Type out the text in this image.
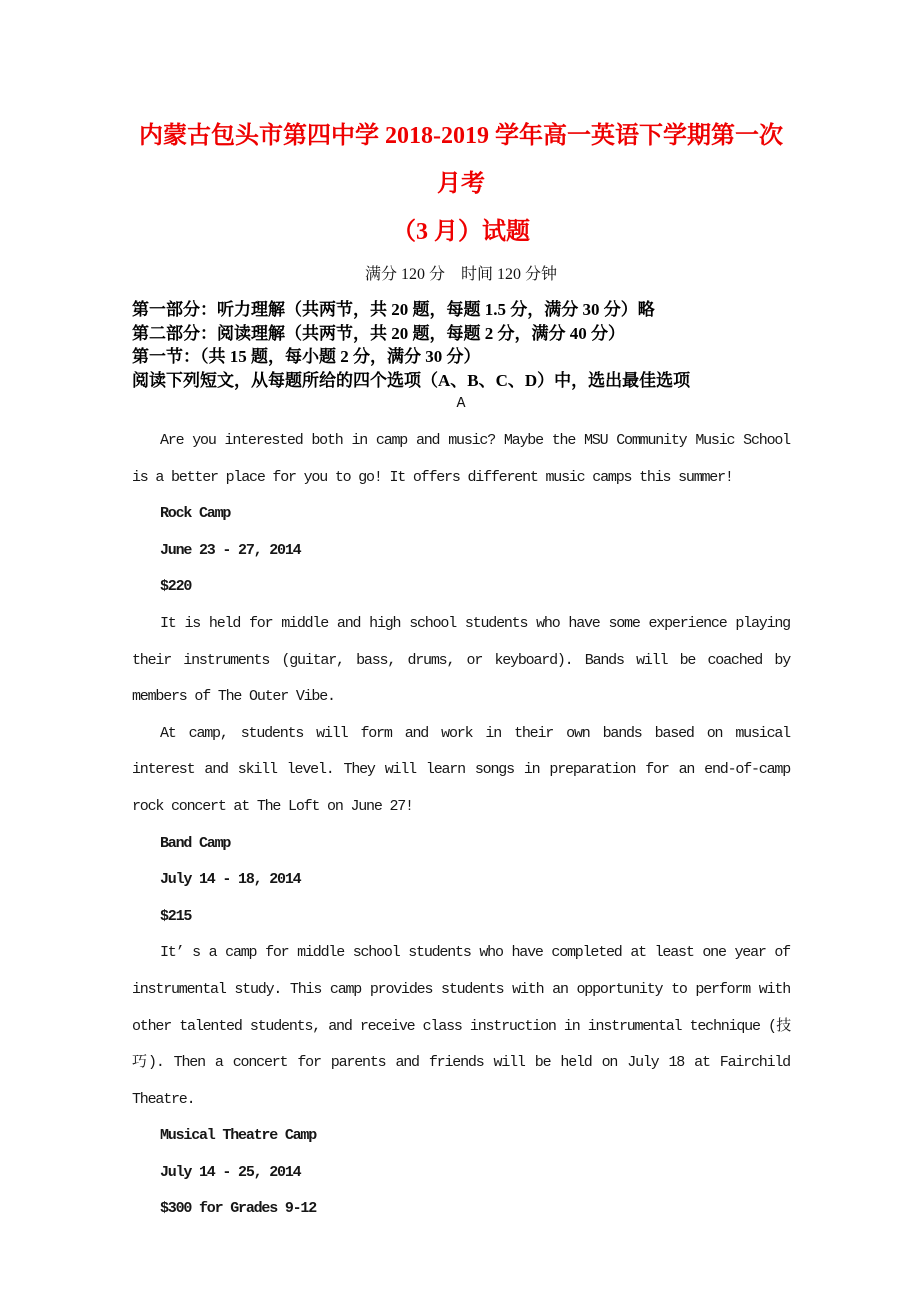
内蒙古包头市第四中学 2018-2019 学年高一英语下学期第一次月考
（3 月）试题
满分 120 分　时间 120 分钟
第一部分：听力理解（共两节，共 20 题，每题 1.5 分，满分 30 分）略
第二部分：阅读理解（共两节，共 20 题，每题 2 分，满分 40 分）
第一节：（共 15 题，每小题 2 分，满分 30 分）
阅读下列短文，从每题所给的四个选项（A、B、C、D）中，选出最佳选项
A

Are you interested both in camp and music? Maybe the MSU Community Music School is a better place for you to go! It offers different music camps this summer!

Rock Camp

June 23 - 27, 2014

$220

It is held for middle and high school students who have some experience playing their instruments (guitar, bass, drums, or keyboard). Bands will be coached by members of The Outer Vibe.

At camp, students will form and work in their own bands based on musical interest and skill level. They will learn songs in preparation for an end-of-camp rock concert at The Loft on June 27!

Band Camp

July 14 - 18, 2014

$215

It’ s a camp for middle school students who have completed at least one year of instrumental study. This camp provides students with an opportunity to perform with other talented students, and receive class instruction in instrumental technique (技巧). Then a concert for parents and friends will be held on July 18 at Fairchild Theatre.

Musical Theatre Camp

July 14 - 25, 2014

$300 for Grades 9-12
